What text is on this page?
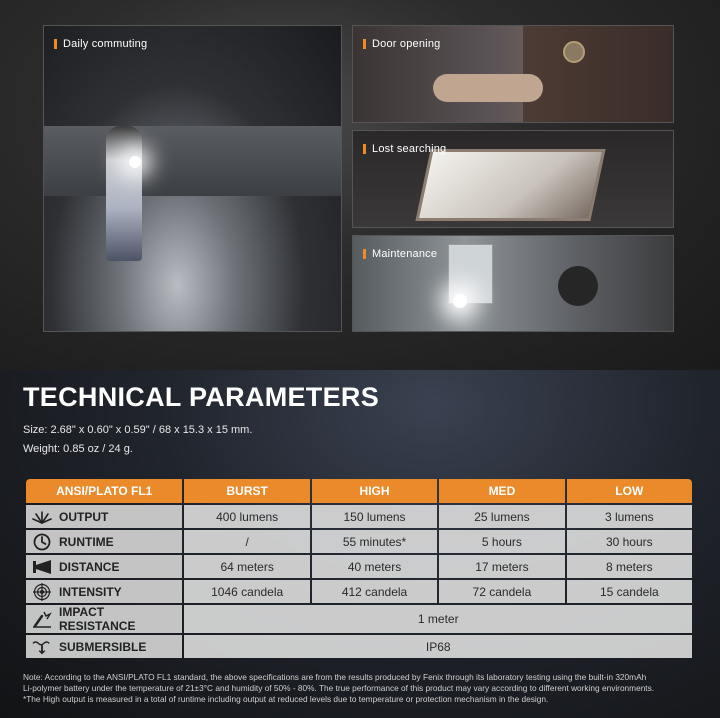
Daily commuting	Door opening
Lost searching
Maintenance
TECHNICAL PARAMETERS
Size: 2.68" x 0.60" x 0.59" / 68 x 15.3 x 15 mm.
Weight: 0.85 oz / 24 g.
ANSI/PLATO FL1	BURST	HIGH	MED	LOW

OUTPUT	400 lumens	150 lumens	25 lumens	3 lumens

RUNTIME	/	55 minutes*	5 hours	30 hours

DISTANCE	64 meters	40 meters	17 meters	8 meters

INTENSITY	1046 candela	412 candela	72 candela	15 candela

IMPACT RESISTANCE	1 meter			

SUBMERSIBLE	IP68			
Note: According to the ANSI/PLATO FL1 standard, the above specifications are from the results produced by Fenix through its laboratory testing using the built-in 320mAh
Li-polymer battery under the temperature of 21±3°C and humidity of 50% - 80%. The true performance of this product may vary according to different working environments.
*The High output is measured in a total of runtime including output at reduced levels due to temperature or protection mechanism in the design.
